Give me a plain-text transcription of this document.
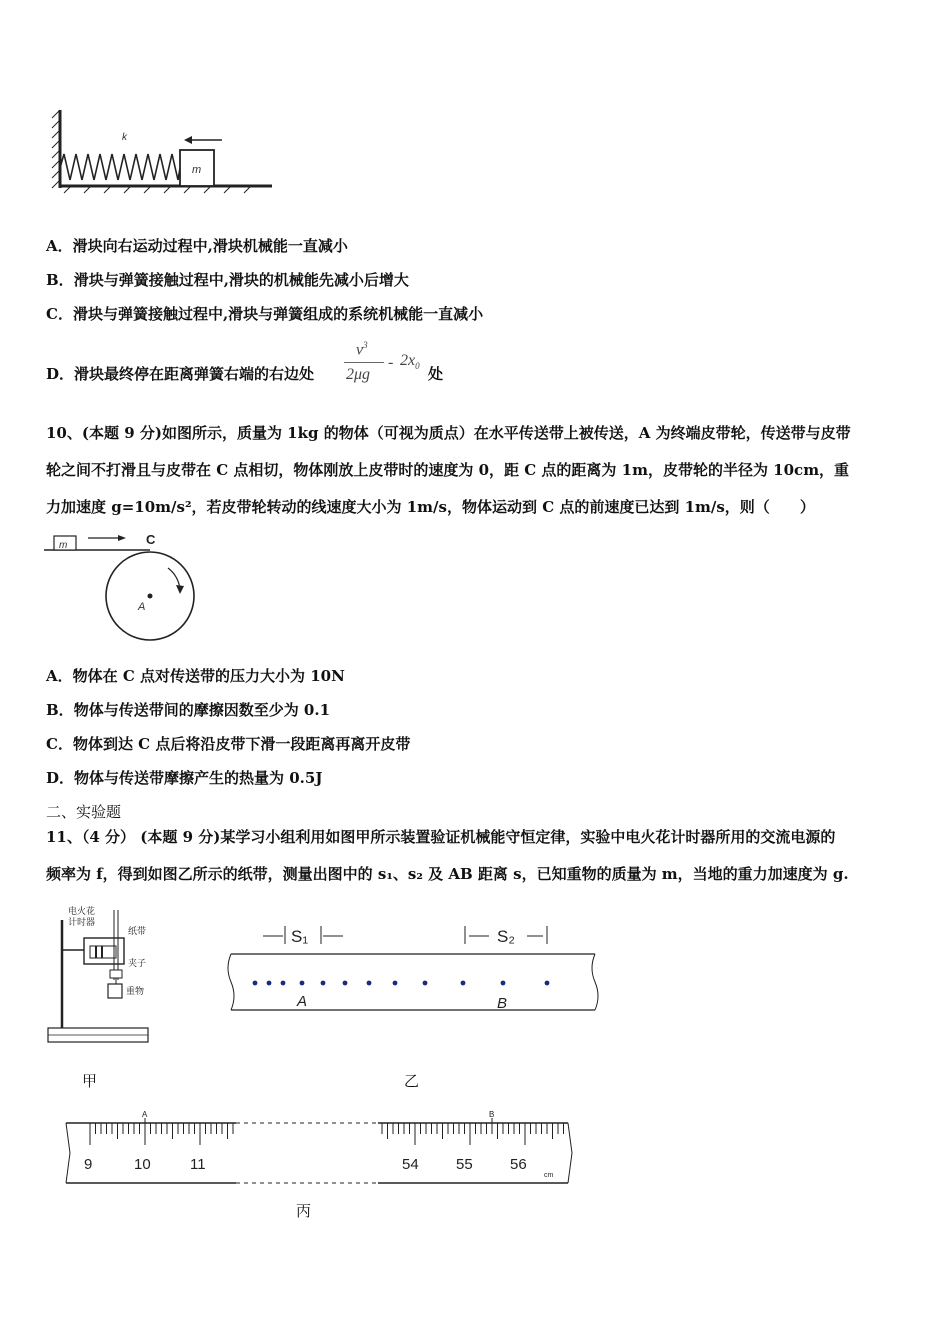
k
m
A．滑块向右运动过程中,滑块机械能一直减小
B．滑块与弹簧接触过程中,滑块的机械能先减小后增大
C．滑块与弹簧接触过程中,滑块与弹簧组成的系统机械能一直减小
D．滑块最终停在距离弹簧右端的右边处
$v^3$
2μg
- $2x_0$ 处
10、(本题 9 分)如图所示，质量为 1kg 的物体（可视为质点）在水平传送带上被传送，A 为终端皮带轮，传送带与皮带
轮之间不打滑且与皮带在 C 点相切，物体刚放上皮带时的速度为 0，距 C 点的距离为 1m，皮带轮的半径为 10cm，重
力加速度 g=10m/s²，若皮带轮转动的线速度大小为 1m/s，物体运动到 C 点的前速度已达到 1m/s，则（　　）
m	C
A
A．物体在 C 点对传送带的压力大小为 10N
B．物体与传送带间的摩擦因数至少为 0.1
C．物体到达 C 点后将沿皮带下滑一段距离再离开皮带
D．物体与传送带摩擦产生的热量为 0.5J
二、实验题
11、（4 分） (本题 9 分)某学习小组利用如图甲所示装置验证机械能守恒定律，实验中电火花计时器所用的交流电源的
频率为 f，得到如图乙所示的纸带，测量出图中的 s₁、s₂ 及 AB 距离 s，已知重物的质量为 m，当地的重力加速度为 g.
电火花
计时器
纸带
夹子
重物
甲
S₁	S₂
A	B
乙
9	10	11	54 55 56
A	B
cm
丙
